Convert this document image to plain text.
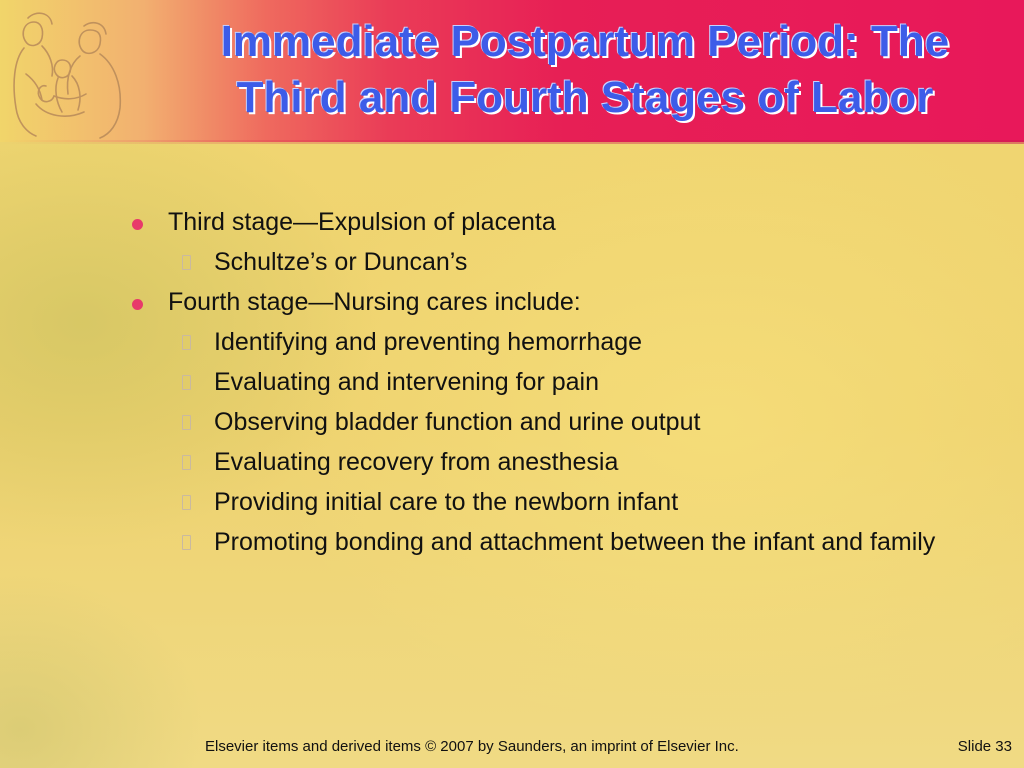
Immediate Postpartum Period: The
Third and Fourth Stages of Labor
Third stage—Expulsion of placenta
Schultze’s or Duncan’s
Fourth stage—Nursing cares include:
Identifying and preventing hemorrhage
Evaluating and intervening for pain
Observing bladder function and urine output
Evaluating recovery from anesthesia
Providing initial care to the newborn infant
Promoting bonding and attachment between the infant and family
Elsevier items and derived items © 2007 by Saunders, an imprint of Elsevier Inc.	Slide 33
